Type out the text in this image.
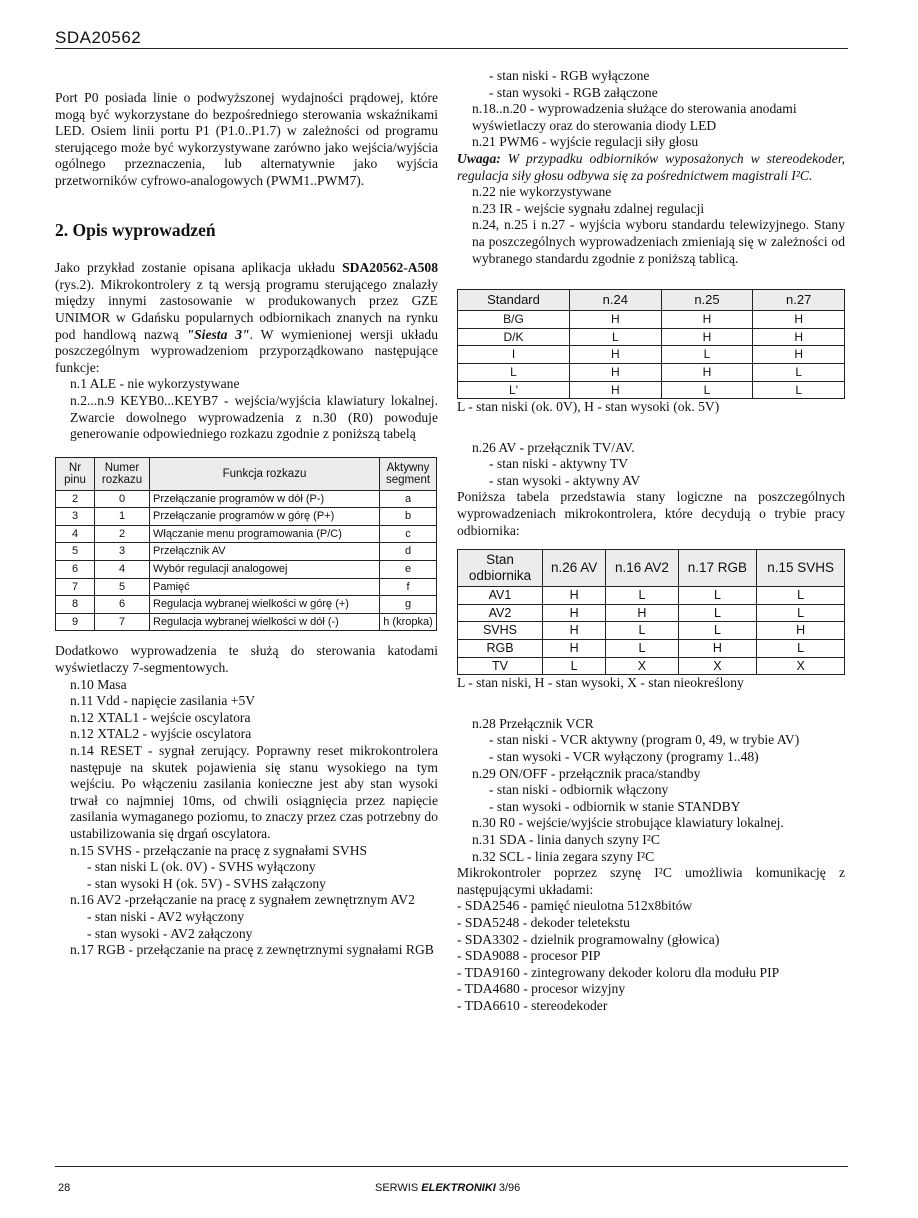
SDA20562

Port P0 posiada linie o podwyższonej wydajności prądowej, które mogą być wykorzystane do bezpośredniego sterowania wskaźnikami LED. Osiem linii portu P1 (P1.0..P1.7) w zależności od programu sterującego może być wykorzystywane zarówno jako wejścia/wyjścia ogólnego przeznaczenia, lub alternatywnie jako wyjścia przetworników cyfrowo-analogowych (PWM1..PWM7).

2. Opis wyprowadzeń

Jako przykład zostanie opisana aplikacja układu SDA20562-A508 (rys.2). Mikrokontrolery z tą wersją programu sterującego znalazły między innymi zastosowanie w produkowanych przez GZE UNIMOR w Gdańsku popularnych odbiornikach znanych na rynku pod handlową nazwą "Siesta 3". W wymienionej wersji układu poszczególnym wyprowadzeniom przyporządkowano następujące funkcje:

n.1 ALE - nie wykorzystywane

n.2...n.9 KEYB0...KEYB7 - wejścia/wyjścia klawiatury lokalnej. Zwarcie dowolnego wyprowadzenia z n.30 (R0) powoduje generowanie odpowiedniego rozkazu zgodnie z poniższą tabelą

Nr pinu	Numer rozkazu	Funkcja rozkazu	Aktywny segment
2	0	Przełączanie programów w dół (P-)	a
3	1	Przełączanie programów w górę (P+)	b
4	2	Włączanie menu programowania (P/C)	c
5	3	Przełącznik AV	d
6	4	Wybór regulacji analogowej	e
7	5	Pamięć	f
8	6	Regulacja wybranej wielkości w górę (+)	g
9	7	Regulacja wybranej wielkości w dół (-)	h (kropka)

Dodatkowo wyprowadzenia te służą do sterowania katodami wyświetlaczy 7-segmentowych.

n.10 Masa

n.11 Vdd - napięcie zasilania +5V

n.12 XTAL1 - wejście oscylatora

n.12 XTAL2 - wyjście oscylatora

n.14 RESET - sygnał zerujący. Poprawny reset mikrokontrolera następuje na skutek pojawienia się stanu wysokiego na tym wejściu. Po włączeniu zasilania konieczne jest aby stan wysoki trwał co najmniej 10ms, od chwili osiągnięcia przez napięcie zasilania wymaganego poziomu, to znaczy przez czas potrzebny do ustabilizowania się drgań oscylatora.

n.15 SVHS - przełączanie na pracę z sygnałami SVHS

- stan niski L (ok. 0V) - SVHS wyłączony

- stan wysoki H (ok. 5V) - SVHS załączony

n.16 AV2 -przełączanie na pracę z sygnałem zewnętrznym AV2

- stan niski - AV2 wyłączony

- stan wysoki - AV2 załączony

n.17 RGB - przełączanie na pracę z zewnętrznymi sygnałami RGB

- stan niski - RGB wyłączone

- stan wysoki - RGB załączone

n.18..n.20 - wyprowadzenia służące do sterowania anodami wyświetlaczy oraz do sterowania diody LED

n.21 PWM6 - wyjście regulacji siły głosu

Uwaga: W przypadku odbiorników wyposażonych w stereodekoder, regulacja siły głosu odbywa się za pośrednictwem magistrali I²C.

n.22 nie wykorzystywane

n.23 IR - wejście sygnału zdalnej regulacji

n.24, n.25 i n.27 - wyjścia wyboru standardu telewizyjnego. Stany na poszczególnych wyprowadzeniach zmieniają się w zależności od wybranego standardu zgodnie z poniższą tablicą.

Standard	n.24	n.25	n.27
B/G	H	H	H
D/K	L	H	H
I	H	L	H
L	H	H	L
L'	H	L	L

L - stan niski (ok. 0V), H - stan wysoki (ok. 5V)

n.26 AV - przełącznik TV/AV.

- stan niski - aktywny TV

- stan wysoki - aktywny AV

Poniższa tabela przedstawia stany logiczne na poszczególnych wyprowadzeniach mikrokontrolera, które decydują o trybie pracy odbiornika:

Stan odbiornika	n.26 AV	n.16 AV2	n.17 RGB	n.15 SVHS
AV1	H	L	L	L
AV2	H	H	L	L
SVHS	H	L	L	H
RGB	H	L	H	L
TV	L	X	X	X

L - stan niski, H - stan wysoki, X - stan nieokreślony

n.28 Przełącznik VCR

- stan niski - VCR aktywny (program 0, 49, w trybie AV)

- stan wysoki - VCR wyłączony (programy 1..48)

n.29 ON/OFF - przełącznik praca/standby

- stan niski - odbiornik włączony

- stan wysoki - odbiornik w stanie STANDBY

n.30 R0 - wejście/wyjście strobujące klawiatury lokalnej.

n.31 SDA - linia danych szyny I²C

n.32 SCL - linia zegara szyny I²C

Mikrokontroler poprzez szynę I²C umożliwia komunikację z następującymi układami:

- SDA2546 - pamięć nieulotna 512x8bitów

- SDA5248 - dekoder teletekstu

- SDA3302 - dzielnik programowalny (głowica)

- SDA9088 - procesor PIP

- TDA9160 - zintegrowany dekoder koloru dla modułu PIP

- TDA4680 - procesor wizyjny

- TDA6610 - stereodekoder

28	SERWIS ELEKTRONIKI 3/96
